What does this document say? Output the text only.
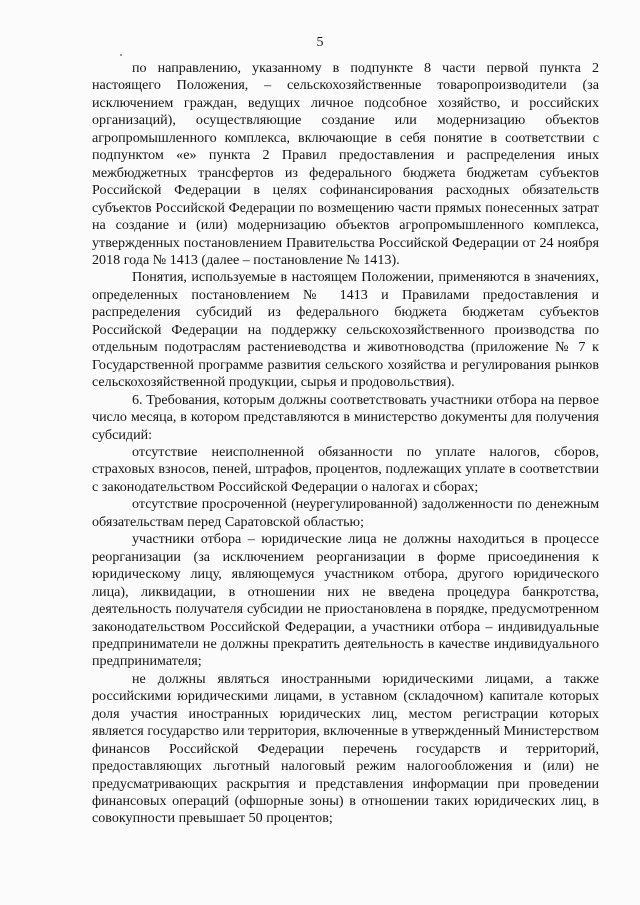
5

по направлению, указанному в подпункте 8 части первой пункта 2 настоящего Положения, – сельскохозяйственные товаропроизводители (за исключением граждан, ведущих личное подсобное хозяйство, и российских организаций), осуществляющие создание или модернизацию объектов агропромышленного комплекса, включающие в себя понятие в соответствии с подпунктом «е» пункта 2 Правил предоставления и распределения иных межбюджетных трансфертов из федерального бюджета бюджетам субъектов Российской Федерации в целях софинансирования расходных обязательств субъектов Российской Федерации по возмещению части прямых понесенных затрат на создание и (или) модернизацию объектов агропромышленного комплекса, утвержденных постановлением Правительства Российской Федерации от 24 ноября 2018 года № 1413 (далее – постановление № 1413).

Понятия, используемые в настоящем Положении, применяются в значениях, определенных постановлением № 1413 и Правилами предоставления и распределения субсидий из федерального бюджета бюджетам субъектов Российской Федерации на поддержку сельскохозяйственного производства по отдельным подотраслям растениеводства и животноводства (приложение № 7 к Государственной программе развития сельского хозяйства и регулирования рынков сельскохозяйственной продукции, сырья и продовольствия).

6. Требования, которым должны соответствовать участники отбора на первое число месяца, в котором представляются в министерство документы для получения субсидий:

отсутствие неисполненной обязанности по уплате налогов, сборов, страховых взносов, пеней, штрафов, процентов, подлежащих уплате в соответствии с законодательством Российской Федерации о налогах и сборах;

отсутствие просроченной (неурегулированной) задолженности по денежным обязательствам перед Саратовской областью;

участники отбора – юридические лица не должны находиться в процессе реорганизации (за исключением реорганизации в форме присоединения к юридическому лицу, являющемуся участником отбора, другого юридического лица), ликвидации, в отношении них не введена процедура банкротства, деятельность получателя субсидии не приостановлена в порядке, предусмотренном законодательством Российской Федерации, а участники отбора – индивидуальные предприниматели не должны прекратить деятельность в качестве индивидуального предпринимателя;

не должны являться иностранными юридическими лицами, а также российскими юридическими лицами, в уставном (складочном) капитале которых доля участия иностранных юридических лиц, местом регистрации которых является государство или территория, включенные в утвержденный Министерством финансов Российской Федерации перечень государств и территорий, предоставляющих льготный налоговый режим налогообложения и (или) не предусматривающих раскрытия и представления информации при проведении финансовых операций (офшорные зоны) в отношении таких юридических лиц, в совокупности превышает 50 процентов;
